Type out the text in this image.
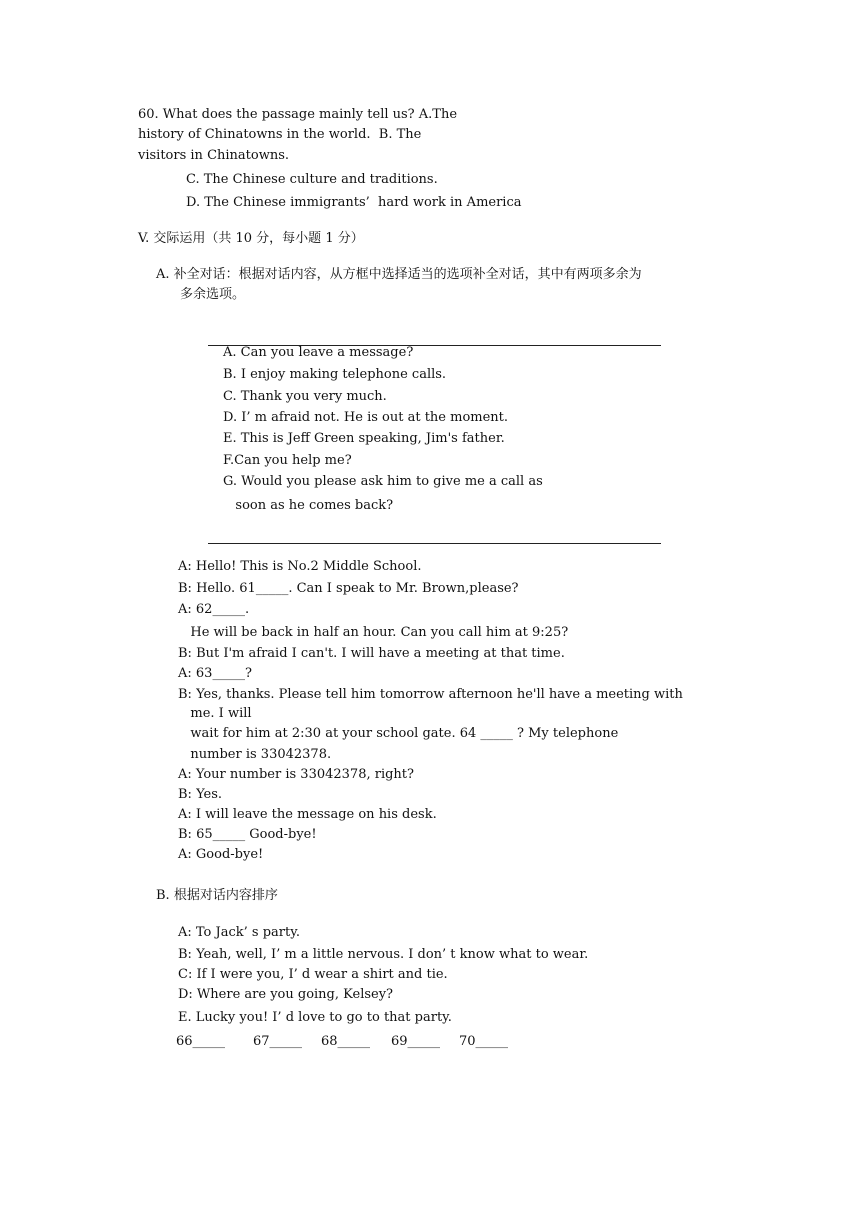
60. What does the passage mainly tell us? A.The
history of Chinatowns in the world.  B. The
visitors in Chinatowns.
C. The Chinese culture and traditions.
D. The Chinese immigrants’  hard work in America
V. 交际运用（共 10 分，每小题 1 分）
A. 补全对话：根据对话内容，从方框中选择适当的选项补全对话，其中有两项多余为
多余选项。
A. Can you leave a message?
B. I enjoy making telephone calls.
C. Thank you very much.
D. I’ m afraid not. He is out at the moment.
E. This is Jeff Green speaking, Jim's father.
F.Can you help me?
G. Would you please ask him to give me a call as
soon as he comes back?
A: Hello! This is No.2 Middle School.
B: Hello. 61_____. Can I speak to Mr. Brown,please?
A: 62_____.
He will be back in half an hour. Can you call him at 9:25?
B: But I'm afraid I can't. I will have a meeting at that time.
A: 63_____?
B: Yes, thanks. Please tell him tomorrow afternoon he'll have a meeting with
me. I will
wait for him at 2:30 at your school gate. 64 _____ ? My telephone
number is 33042378.
A: Your number is 33042378, right?
B: Yes.
A: I will leave the message on his desk.
B: 65_____ Good-bye!
A: Good-bye!
B. 根据对话内容排序
A: To Jack’ s party.
B: Yeah, well, I’ m a little nervous. I don’ t know what to wear.
C: If I were you, I’ d wear a shirt and tie.
D: Where are you going, Kelsey?
E. Lucky you! I’ d love to go to that party.
66_____ 67_____ 68_____ 69_____ 70_____
